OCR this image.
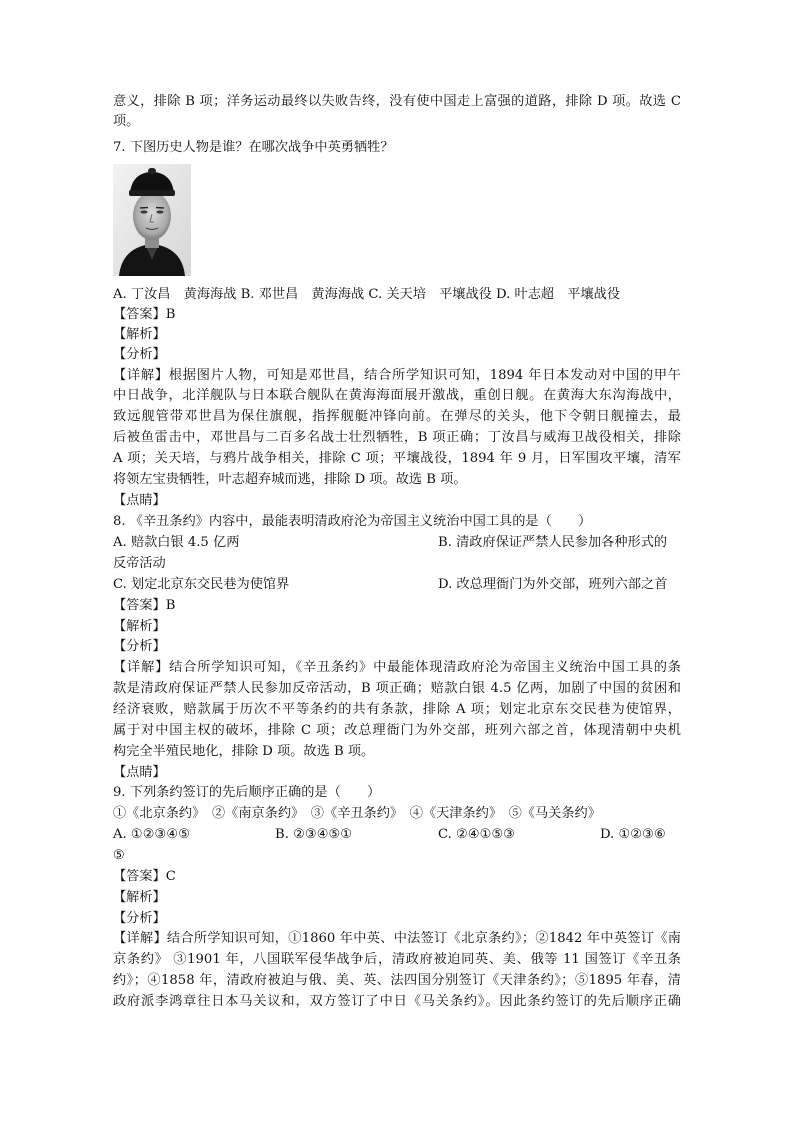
意义，排除 B 项；洋务运动最终以失败告终，没有使中国走上富强的道路，排除 D 项。故选 C
项。
7. 下图历史人物是谁？在哪次战争中英勇牺牲？
A. 丁汝昌　黄海海战 B. 邓世昌　黄海海战 C. 关天培　平壤战役 D. 叶志超　平壤战役
【答案】B
【解析】
【分析】
【详解】根据图片人物，可知是邓世昌，结合所学知识可知，1894 年日本发动对中国的甲午
中日战争，北洋舰队与日本联合舰队在黄海海面展开激战，重创日舰。在黄海大东沟海战中，
致远舰管带邓世昌为保住旗舰，指挥舰艇冲锋向前。在弹尽的关头，他下令朝日舰撞去，最
后被鱼雷击中，邓世昌与二百多名战士壮烈牺牲，B 项正确；丁汝昌与威海卫战役相关，排除
A 项；关天培，与鸦片战争相关，排除 C 项；平壤战役，1894 年 9 月，日军围攻平壤，清军
将领左宝贵牺牲，叶志超弃城而逃，排除 D 项。故选 B 项。
【点睛】
8. 《辛丑条约》内容中，最能表明清政府沦为帝国主义统治中国工具的是（　　）
A. 赔款白银 4.5 亿两	B. 清政府保证严禁人民参加各种形式的
反帝活动
C. 划定北京东交民巷为使馆界	D. 改总理衙门为外交部，班列六部之首
【答案】B
【解析】
【分析】
【详解】结合所学知识可知，《辛丑条约》中最能体现清政府沦为帝国主义统治中国工具的条
款是清政府保证严禁人民参加反帝活动，B 项正确；赔款白银 4.5 亿两，加剧了中国的贫困和
经济衰败，赔款属于历次不平等条约的共有条款，排除 A 项；划定北京东交民巷为使馆界，
属于对中国主权的破坏，排除 C 项；改总理衙门为外交部，班列六部之首，体现清朝中央机
构完全半殖民地化，排除 D 项。故选 B 项。
【点睛】
9. 下列条约签订的先后顺序正确的是（　　）
①《北京条约》　②《南京条约》　③《辛丑条约》　④《天津条约》　⑤《马关条约》
A. ①②③④⑤	B. ②③④⑤①	C. ②④①⑤③	D. ①②③⑥
⑤
【答案】C
【解析】
【分析】
【详解】结合所学知识可知，①1860 年中英、中法签订《北京条约》；②1842 年中英签订《南
京条约》 ③1901 年，八国联军侵华战争后，清政府被迫同英、美、俄等 11 国签订《辛丑条
约》；④1858 年，清政府被迫与俄、美、英、法四国分别签订《天津条约》；⑤1895 年春，清
政府派李鸿章往日本马关议和，双方签订了中日《马关条约》。因此条约签订的先后顺序正确
